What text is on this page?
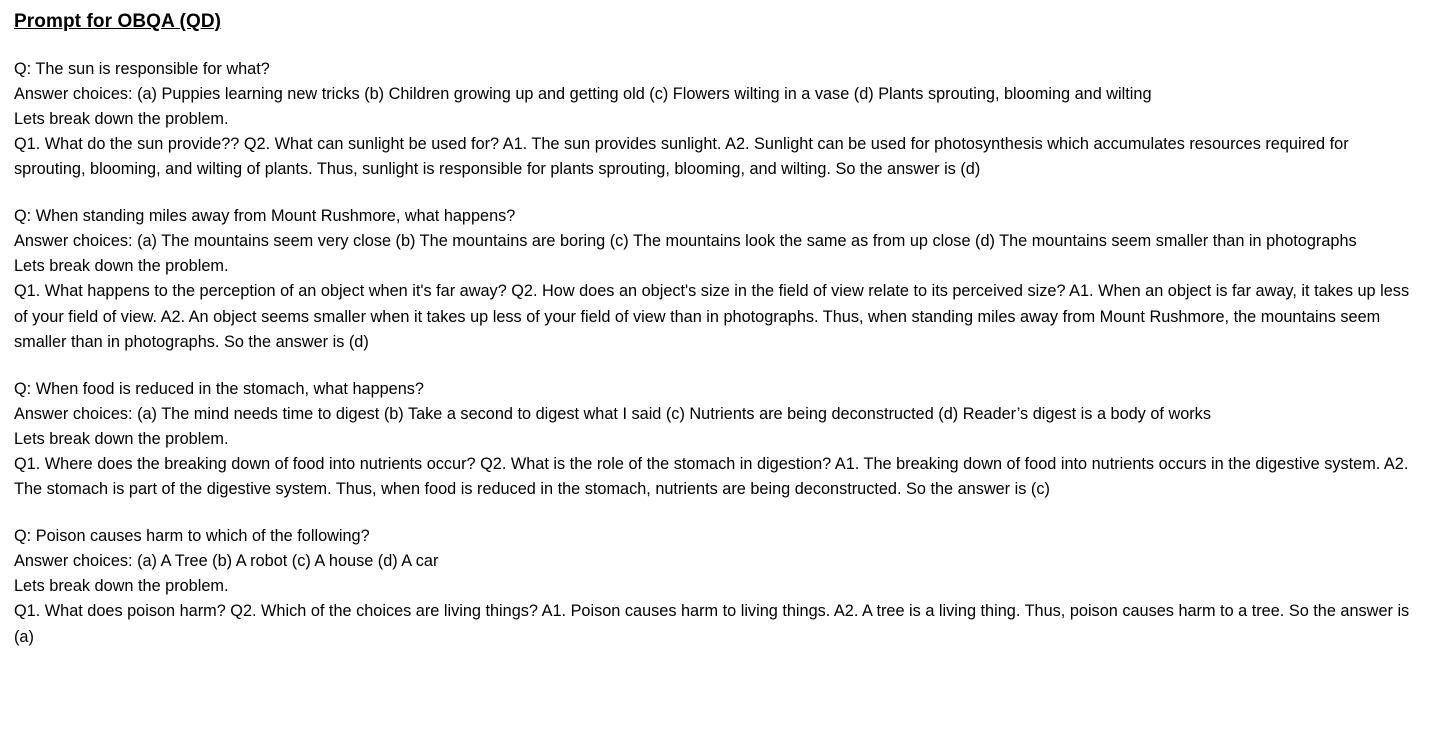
Prompt for OBQA (QD)

Q: The sun is responsible for what?

Answer choices: (a) Puppies learning new tricks (b) Children growing up and getting old (c) Flowers wilting in a vase (d) Plants sprouting, blooming and wilting

Lets break down the problem.

Q1. What do the sun provide?? Q2. What can sunlight be used for? A1. The sun provides sunlight. A2. Sunlight can be used for photosynthesis which accumulates resources required for sprouting, blooming, and wilting of plants. Thus, sunlight is responsible for plants sprouting, blooming, and wilting. So the answer is (d)

Q: When standing miles away from Mount Rushmore, what happens?

Answer choices: (a) The mountains seem very close (b) The mountains are boring (c) The mountains look the same as from up close (d) The mountains seem smaller than in photographs

Lets break down the problem.

Q1. What happens to the perception of an object when it's far away? Q2. How does an object's size in the field of view relate to its perceived size? A1. When an object is far away, it takes up less of your field of view. A2. An object seems smaller when it takes up less of your field of view than in photographs. Thus, when standing miles away from Mount Rushmore, the mountains seem smaller than in photographs. So the answer is (d)

Q: When food is reduced in the stomach, what happens?

Answer choices: (a) The mind needs time to digest (b) Take a second to digest what I said (c) Nutrients are being deconstructed (d) Reader’s digest is a body of works

Lets break down the problem.

Q1. Where does the breaking down of food into nutrients occur? Q2. What is the role of the stomach in digestion? A1. The breaking down of food into nutrients occurs in the digestive system. A2. The stomach is part of the digestive system. Thus, when food is reduced in the stomach, nutrients are being deconstructed. So the answer is (c)

Q: Poison causes harm to which of the following?

Answer choices: (a) A Tree (b) A robot (c) A house (d) A car

Lets break down the problem.

Q1. What does poison harm? Q2. Which of the choices are living things? A1. Poison causes harm to living things. A2. A tree is a living thing. Thus, poison causes harm to a tree. So the answer is (a)
